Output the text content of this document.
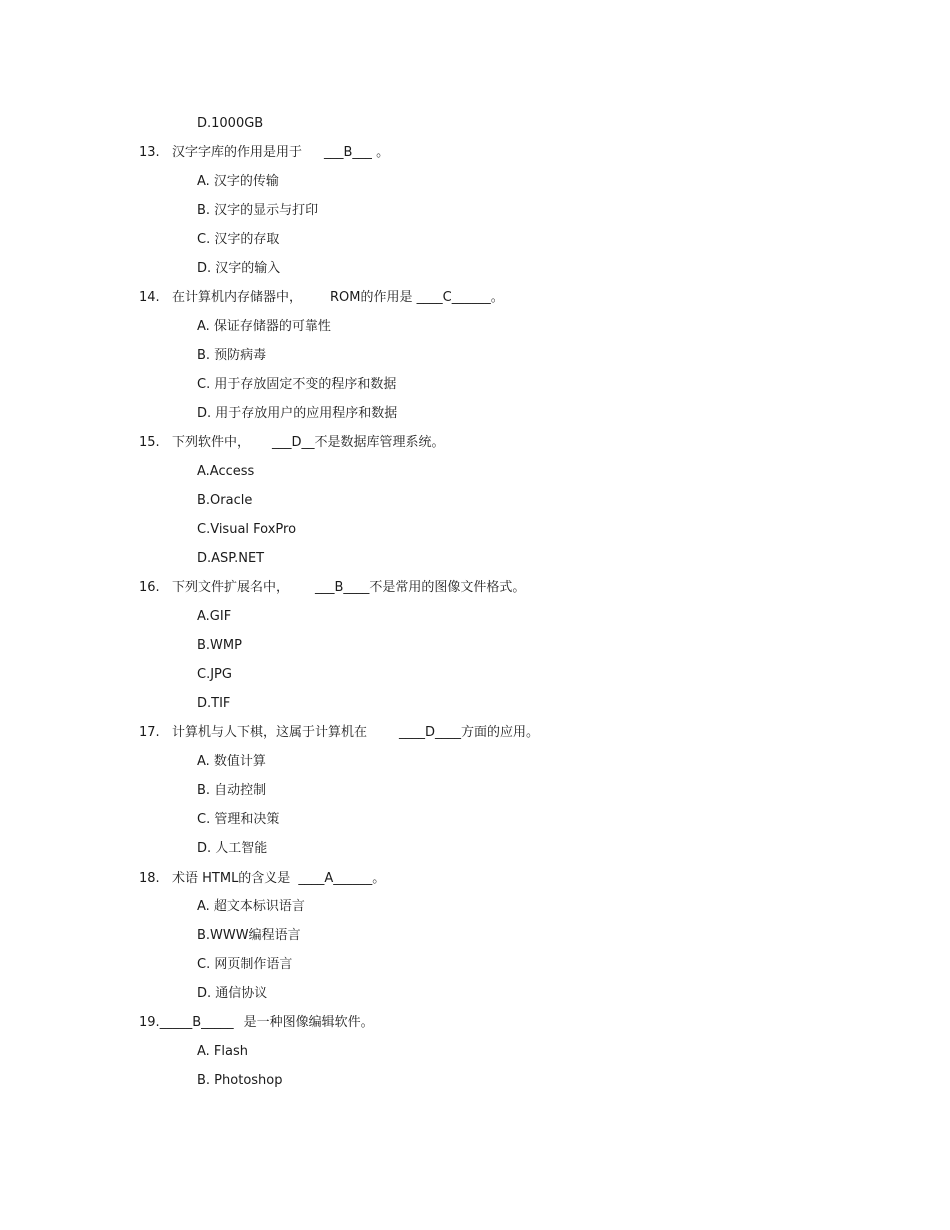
D.1000GB
13. 汉字字库的作用是用于 ___B___ 。
A. 汉字的传输
B. 汉字的显示与打印
C. 汉字的存取
D. 汉字的输入
14. 在计算机内存储器中， ROM的作用是 ____C______。
A. 保证存储器的可靠性
B. 预防病毒
C. 用于存放固定不变的程序和数据
D. 用于存放用户的应用程序和数据
15. 下列软件中， ___D__不是数据库管理系统。
A.Access
B.Oracle
C.Visual FoxPro
D.ASP.NET
16. 下列文件扩展名中， ___B____不是常用的图像文件格式。
A.GIF
B.WMP
C.JPG
D.TIF
17. 计算机与人下棋，这属于计算机在 ____D____方面的应用。
A. 数值计算
B. 自动控制
C. 管理和决策
D. 人工智能
18. 术语 HTML的含义是 ____A______。
A. 超文本标识语言
B.WWW编程语言
C. 网页制作语言
D. 通信协议
19._____B_____ 是一种图像编辑软件。
A. Flash
B. Photoshop
